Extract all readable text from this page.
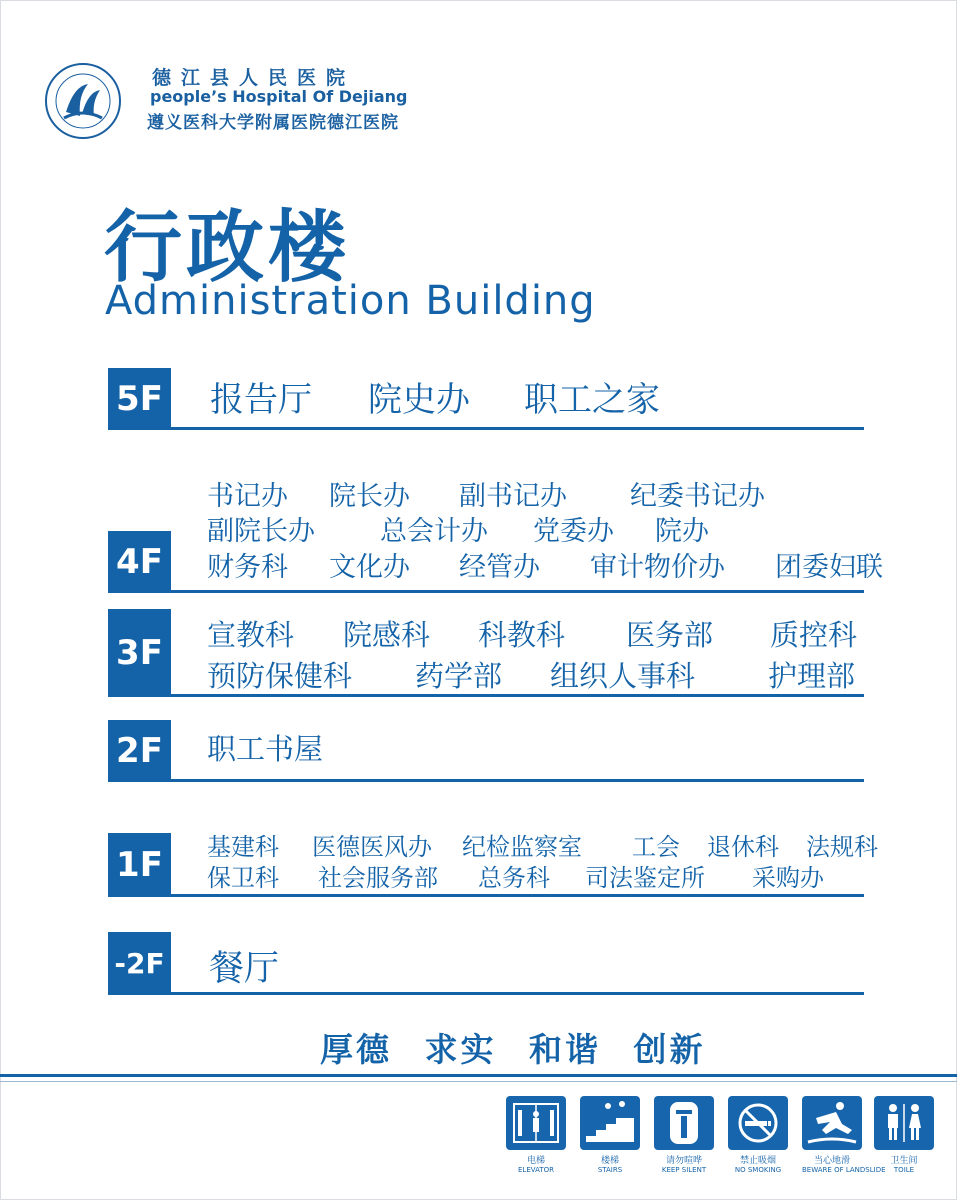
德江县人民医院
people’s Hospital Of Dejiang
遵义医科大学附属医院德江医院
行政楼
Administration Building
5F 报告厅 院史办 职工之家
4F
书记办 院长办 副书记办 纪委书记办
副院长办 总会计办 党委办 院办
财务科 文化办 经管办 审计物价办 团委妇联
3F 宣教科 院感科 科教科 医务部 质控科
预防保健科 药学部 组织人事科	护理部
2F 职工书屋
1F	基建科 医德医风办 纪检监察室 工会 退休科 法规科
保卫科 社会服务部 总务科 司法鉴定所 采购办
-2F 餐厅
厚德 求实 和谐 创新
电梯
ELEVATOR
楼梯
STAIRS
请勿喧哗
KEEP SILENT
禁止吸烟
NO SMOKING
当心地滑
BEWARE OF LANDSLIDE
卫生间
TOILE
